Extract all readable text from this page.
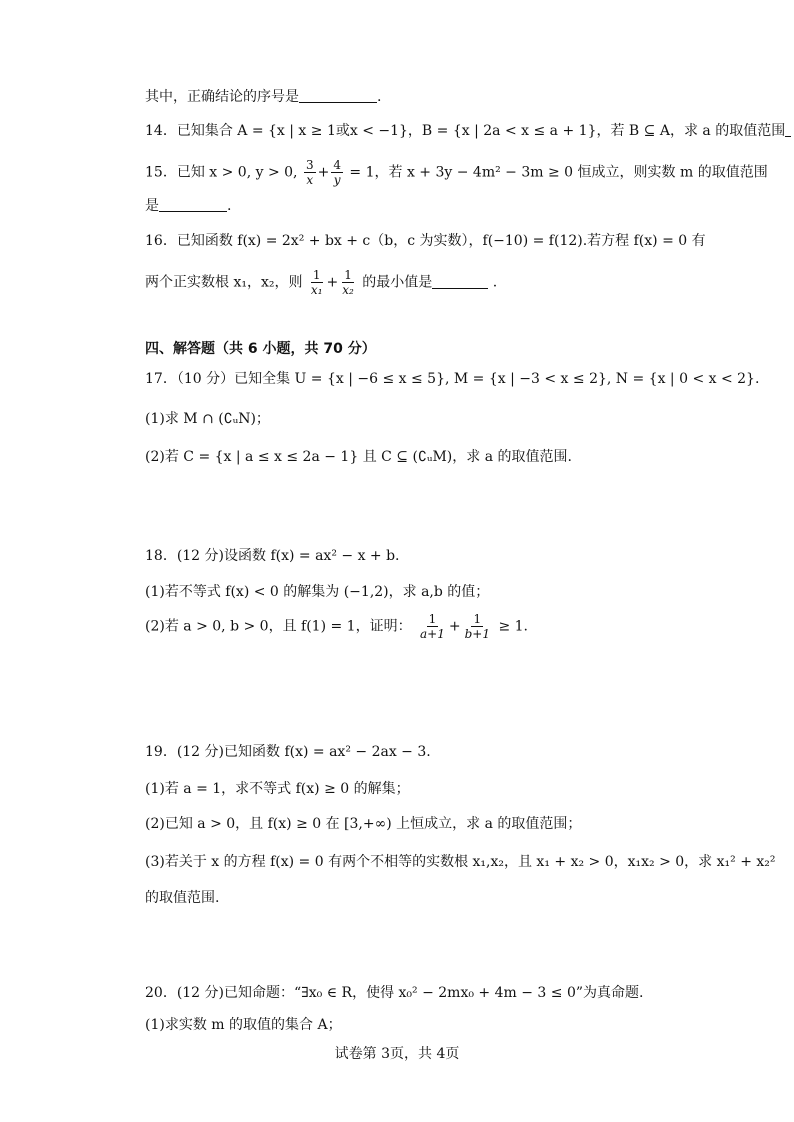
其中，正确结论的序号是	.
14．已知集合 A = {x | x ≥ 1或x < −1}，B = {x | 2a < x ≤ a + 1}，若 B ⊆ A，求 a 的取值范围
15．已知 x > 0, y > 0, $\frac{3}{x} + \frac{4}{y} = 1$，若 x + 3y − 4m² − 3m ≥ 0 恒成立，则实数 m 的取值范围
是	.
16．已知函数 f(x) = 2x² + bx + c（b，c 为实数），f(−10) = f(12).若方程 f(x) = 0 有
两个正实数根 x₁，x₂，则 $\frac{1}{\text{x₁}} + \frac{1}{\text{x₂}}$ 的最小值是	.
四、解答题（共 6 小题，共 70 分）
17．（10 分）已知全集 U = {x | −6 ≤ x ≤ 5}, M = {x | −3 < x ≤ 2}, N = {x | 0 < x < 2}.
(1)求 M ∩ (∁ᵤN)；
(2)若 C = {x | a ≤ x ≤ 2a − 1} 且 C ⊆ (∁ᵤM)，求 a 的取值范围.
18．(12 分)设函数 f(x) = ax² − x + b.
(1)若不等式 f(x) < 0 的解集为 (−1,2)，求 a,b 的值；
(2)若 a > 0, b > 0，且 f(1) = 1，证明： $\frac{1}{a+1} + \frac{1}{b+1} \ge 1$.
19．(12 分)已知函数 f(x) = ax² − 2ax − 3.
(1)若 a = 1，求不等式 f(x) ≥ 0 的解集；
(2)已知 a > 0，且 f(x) ≥ 0 在 [3,+∞) 上恒成立，求 a 的取值范围；
(3)若关于 x 的方程 f(x) = 0 有两个不相等的实数根 x₁,x₂，且 x₁ + x₂ > 0，x₁x₂ > 0，求 x₁² + x₂²
的取值范围.
20．(12 分)已知命题：“∃x₀ ∈ R，使得 x₀² − 2mx₀ + 4m − 3 ≤ 0”为真命题.
(1)求实数 m 的取值的集合 A；
试卷第 3页，共 4页
